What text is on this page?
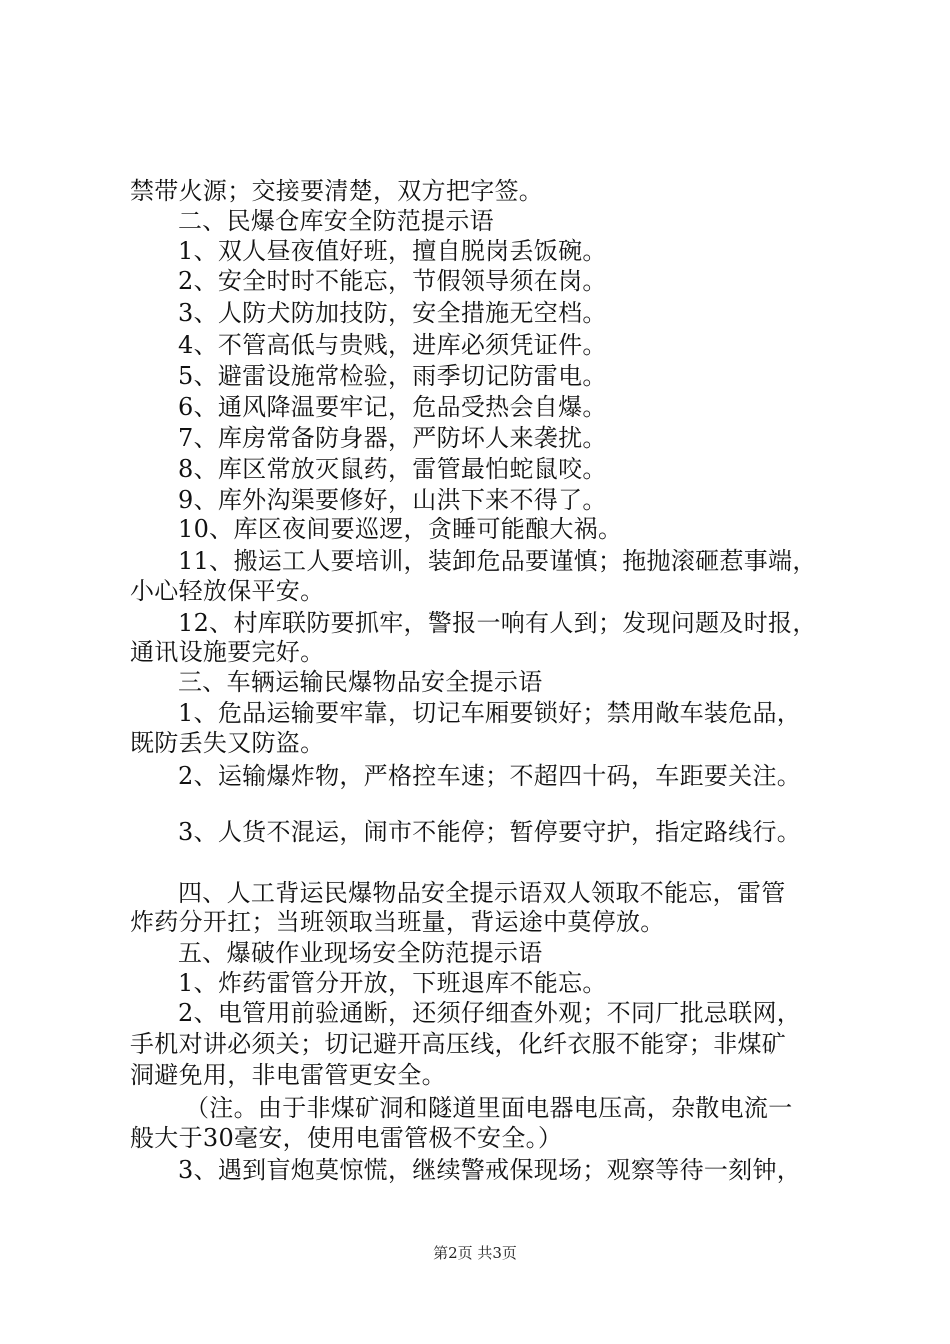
禁带火源；交接要清楚，双方把字签。
二、民爆仓库安全防范提示语
1、双人昼夜值好班，擅自脱岗丢饭碗。
2、安全时时不能忘，节假领导须在岗。
3、人防犬防加技防，安全措施无空档。
4、不管高低与贵贱，进库必须凭证件。
5、避雷设施常检验，雨季切记防雷电。
6、通风降温要牢记，危品受热会自爆。
7、库房常备防身器，严防坏人来袭扰。
8、库区常放灭鼠药，雷管最怕蛇鼠咬。
9、库外沟渠要修好，山洪下来不得了。
10、库区夜间要巡逻，贪睡可能酿大祸。
11、搬运工人要培训，装卸危品要谨慎；拖抛滚砸惹事端，
小心轻放保平安。
12、村库联防要抓牢，警报一响有人到；发现问题及时报，
通讯设施要完好。
三、车辆运输民爆物品安全提示语
1、危品运输要牢靠，切记车厢要锁好；禁用敞车装危品，
既防丢失又防盗。
2、运输爆炸物，严格控车速；不超四十码，车距要关注。
3、人货不混运，闹市不能停；暂停要守护，指定路线行。
四、人工背运民爆物品安全提示语双人领取不能忘，雷管
炸药分开扛；当班领取当班量，背运途中莫停放。
五、爆破作业现场安全防范提示语
1、炸药雷管分开放，下班退库不能忘。
2、电管用前验通断，还须仔细查外观；不同厂批忌联网，
手机对讲必须关；切记避开高压线，化纤衣服不能穿；非煤矿
洞避免用，非电雷管更安全。
（注。由于非煤矿洞和隧道里面电器电压高，杂散电流一
般大于30毫安，使用电雷管极不安全。）
3、遇到盲炮莫惊慌，继续警戒保现场；观察等待一刻钟，
第2页 共3页
